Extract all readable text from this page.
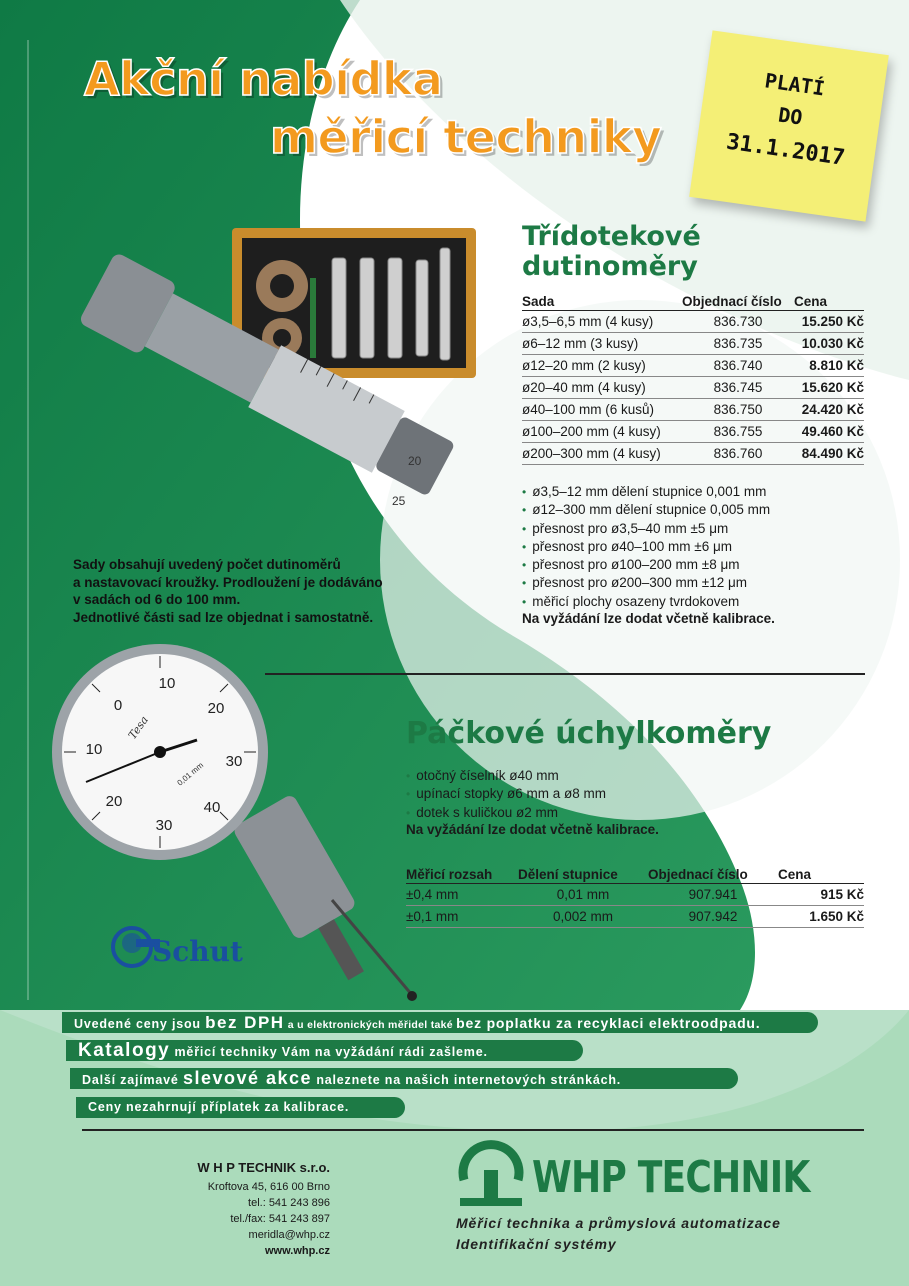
Akční nabídka
měřicí techniky
PLATÍ
DO
31.1.2017
20
25
Třídotekové
dutinoměry
Sada	Objednací číslo	Cena
ø3,5–6,5 mm (4 kusy)	836.730	15.250 Kč
ø6–12 mm (3 kusy)	836.735	10.030 Kč
ø12–20 mm (2 kusy)	836.740	8.810 Kč
ø20–40 mm (4 kusy)	836.745	15.620 Kč
ø40–100 mm (6 kusů)	836.750	24.420 Kč
ø100–200 mm (4 kusy)	836.755	49.460 Kč
ø200–300 mm (4 kusy)	836.760	84.490 Kč
• ø3,5–12 mm dělení stupnice 0,001 mm
• ø12–300 mm dělení stupnice 0,005 mm
• přesnost pro ø3,5–40 mm ±5 μm
• přesnost pro ø40–100 mm ±6 μm
• přesnost pro ø100–200 mm ±8 μm
• přesnost pro ø200–300 mm ±12 μm
• měřicí plochy osazeny tvrdokovem
Na vyžádání lze dodat včetně kalibrace.
Sady obsahují uvedený počet dutinoměrů
a nastavovací kroužky. Prodloužení je dodáváno
v sadách od 6 do 100 mm.
Jednotlivé části sad lze objednat i samostatně.
0
10
20
30
40
30
20
10
Tesa
0,01 mm
Schut
Páčkové úchylkoměry
• otočný číselník ø40 mm
• upínací stopky ø6 mm a ø8 mm
• dotek s kuličkou ø2 mm
Na vyžádání lze dodat včetně kalibrace.
Měřicí rozsah	Dělení stupnice	Objednací číslo	Cena
±0,4 mm	0,01 mm	907.941	915 Kč
±0,1 mm	0,002 mm	907.942	1.650 Kč
Uvedené ceny jsou bez DPH a u elektronických měřidel také bez poplatku za recyklaci elektroodpadu.
Katalogy měřicí techniky Vám na vyžádání rádi zašleme.
Další zajímavé slevové akce naleznete na našich internetových stránkách.
Ceny nezahrnují příplatek za kalibrace.
W H P TECHNIK s.r.o.
Kroftova 45, 616 00 Brno
tel.: 541 243 896
tel./fax: 541 243 897
meridla@whp.cz
www.whp.cz
WHP TECHNIK
Měřicí technika a průmyslová automatizace
Identifikační systémy
